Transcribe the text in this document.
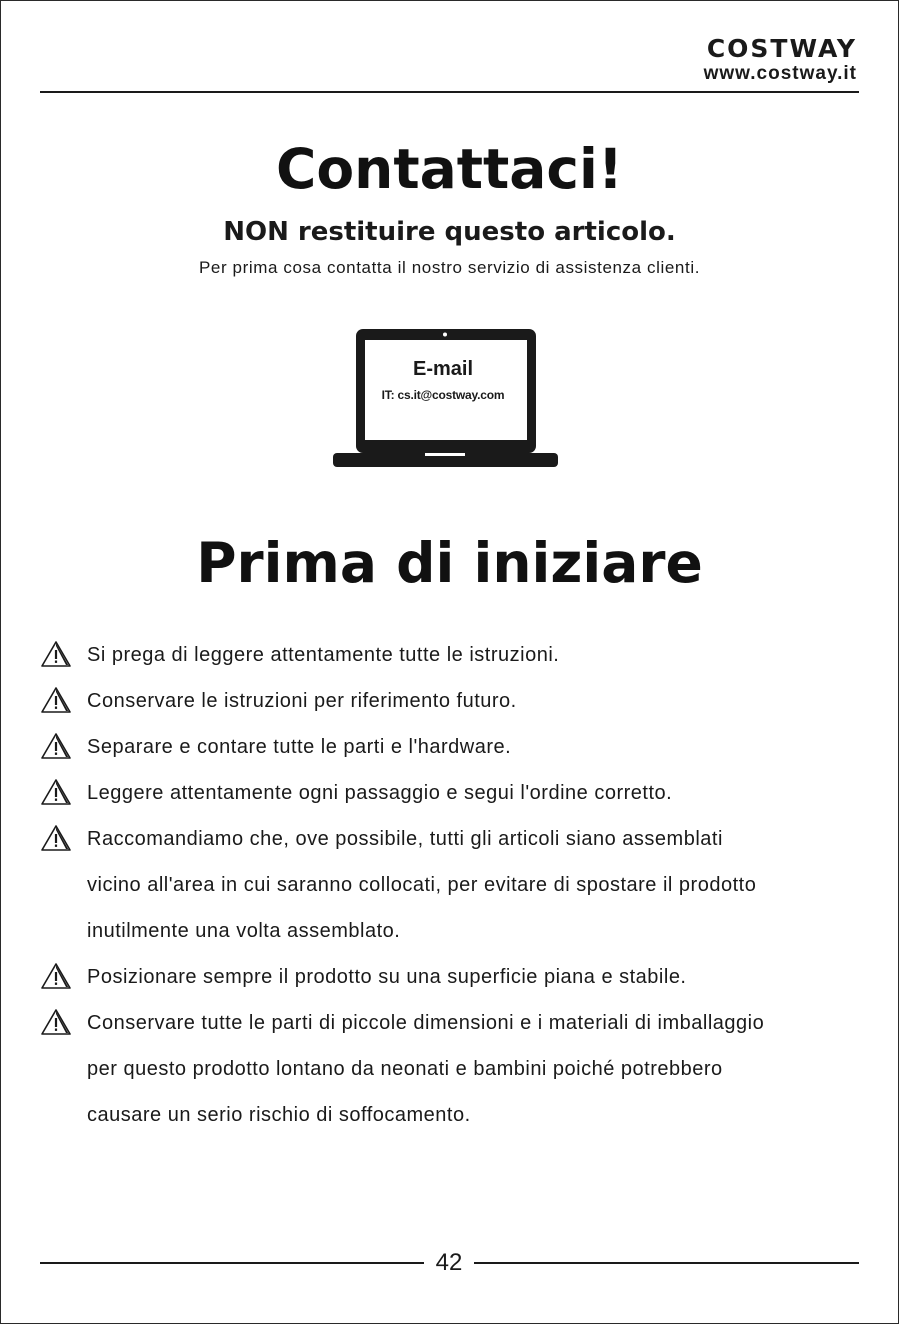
COSTWAY
www.costway.it
Contattaci!
NON restituire questo articolo.
Per prima cosa contatta il nostro servizio di assistenza clienti.
E-mail
IT: cs.it@costway.com
Prima di iniziare
Si prega di leggere attentamente tutte le istruzioni.
Conservare le istruzioni per riferimento futuro.
Separare e contare tutte le parti e l'hardware.
Leggere attentamente ogni passaggio e segui l'ordine corretto.
Raccomandiamo che, ove possibile, tutti gli articoli siano assemblati
vicino all'area in cui saranno collocati, per evitare di spostare il prodotto
inutilmente una volta assemblato.
Posizionare sempre il prodotto su una superficie piana e stabile.
Conservare tutte le parti di piccole dimensioni e i materiali di imballaggio
per questo prodotto lontano da neonati e bambini poiché potrebbero
causare un serio rischio di soffocamento.
42
